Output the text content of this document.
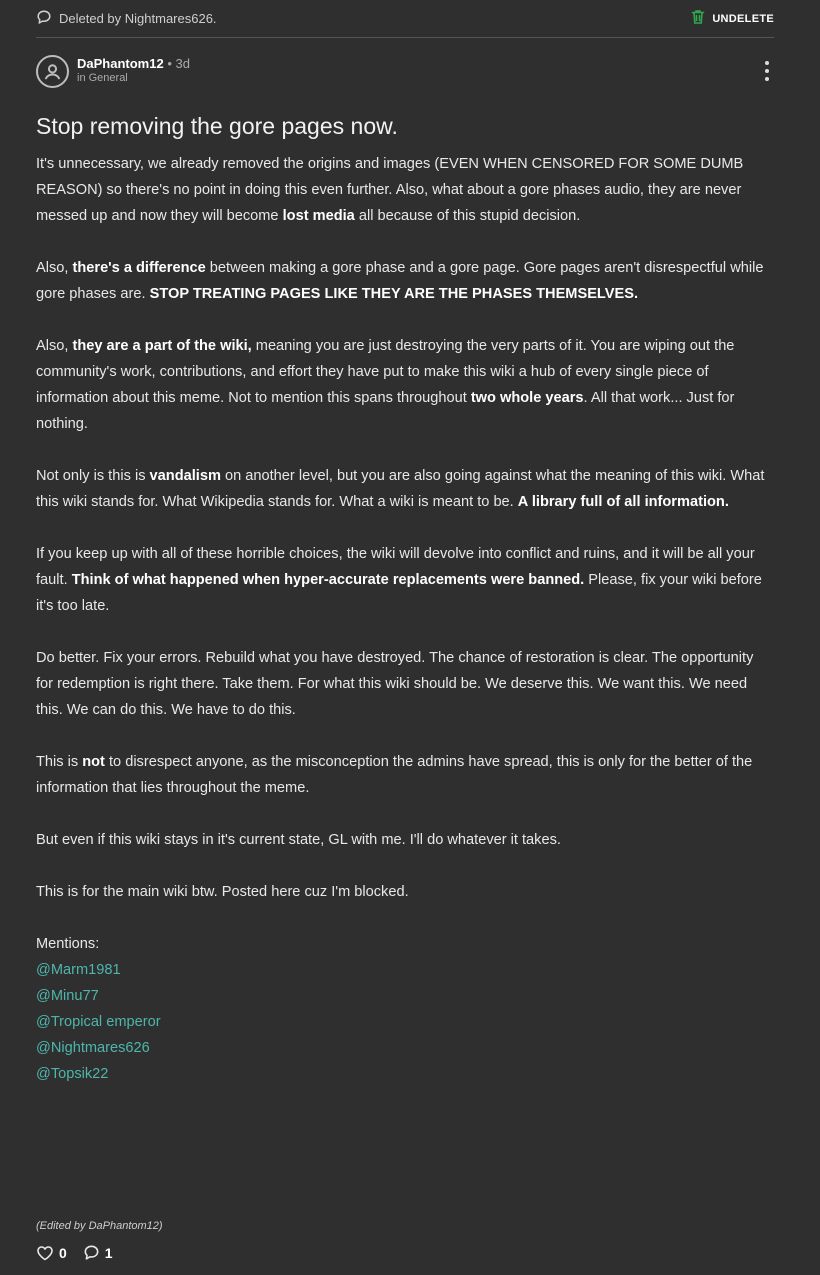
Deleted by Nightmares626.	UNDELETE
DaPhantom12 • 3d
in General
Stop removing the gore pages now.

It's unnecessary, we already removed the origins and images (EVEN WHEN CENSORED FOR SOME DUMB REASON) so there's no point in doing this even further. Also, what about a gore phases audio, they are never messed up and now they will become lost media all because of this stupid decision.

Also, there's a difference between making a gore phase and a gore page. Gore pages aren't disrespectful while gore phases are. STOP TREATING PAGES LIKE THEY ARE THE PHASES THEMSELVES.

Also, they are a part of the wiki, meaning you are just destroying the very parts of it. You are wiping out the community's work, contributions, and effort they have put to make this wiki a hub of every single piece of information about this meme. Not to mention this spans throughout two whole years. All that work... Just for nothing.

Not only is this is vandalism on another level, but you are also going against what the meaning of this wiki. What this wiki stands for. What Wikipedia stands for. What a wiki is meant to be. A library full of all information.

If you keep up with all of these horrible choices, the wiki will devolve into conflict and ruins, and it will be all your fault. Think of what happened when hyper-accurate replacements were banned. Please, fix your wiki before it's too late.

Do better. Fix your errors. Rebuild what you have destroyed. The chance of restoration is clear. The opportunity for redemption is right there. Take them. For what this wiki should be. We deserve this. We want this. We need this. We can do this. We have to do this.

This is not to disrespect anyone, as the misconception the admins have spread, this is only for the better of the information that lies throughout the meme.

But even if this wiki stays in it's current state, GL with me. I'll do whatever it takes.

This is for the main wiki btw. Posted here cuz I'm blocked.

Mentions:
@Marm1981
@Minu77
@Tropical emperor
@Nightmares626
@Topsik22
(Edited by DaPhantom12)
0	1
